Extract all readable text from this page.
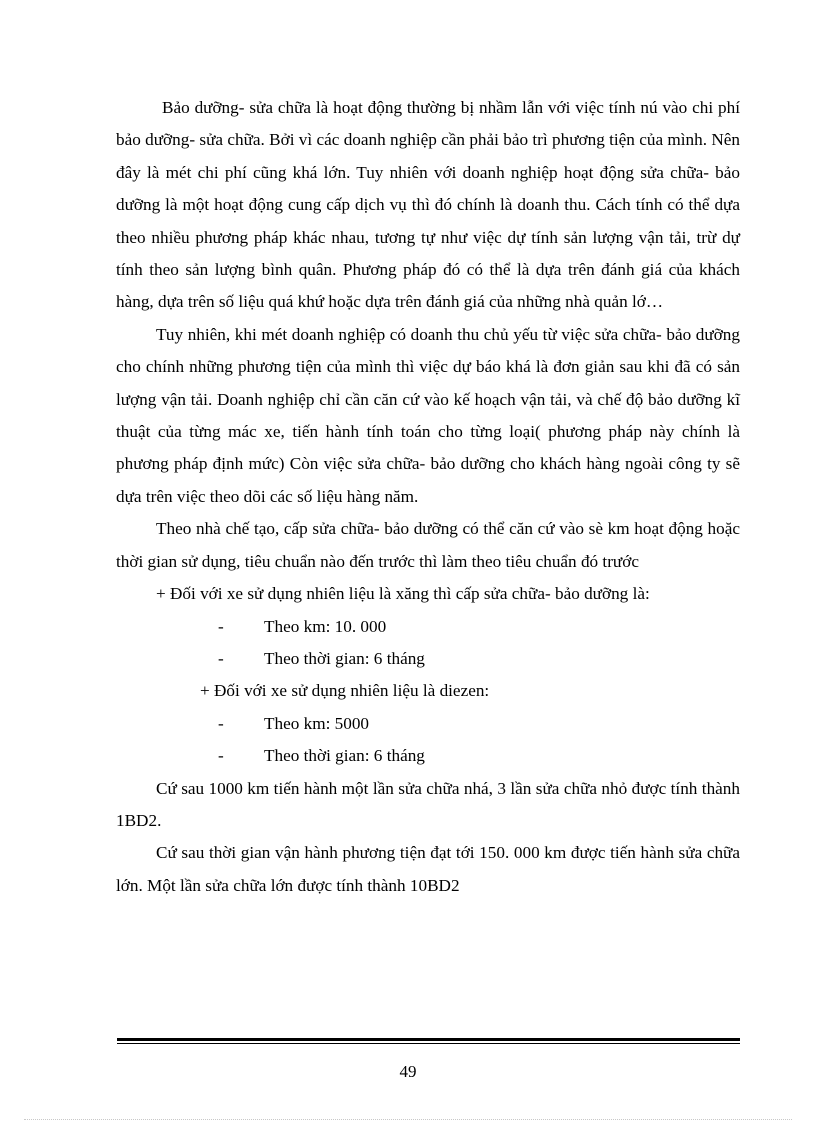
Bảo dưỡng- sửa chữa là hoạt động thường bị nhầm lẫn với việc tính nú vào chi phí bảo dưỡng- sửa chữa. Bởi vì các doanh nghiệp cần phải bảo trì phương tiện của mình. Nên đây là mét chi phí cũng khá lớn. Tuy nhiên với doanh nghiệp hoạt động sửa chữa- bảo dưỡng là một hoạt động cung cấp dịch vụ thì đó chính là doanh thu. Cách tính có thể dựa theo nhiều phương pháp khác nhau, tương tự như việc dự tính sản lượng vận tải, trừ dự tính theo sản lượng bình quân. Phương pháp đó có thể là dựa trên đánh giá của khách hàng, dựa trên số liệu quá khứ hoặc dựa trên đánh giá của những nhà quản lớ…

Tuy nhiên, khi mét doanh nghiệp có doanh thu chủ yếu từ việc sửa chữa- bảo dưỡng cho chính những phương tiện của mình thì việc dự báo khá là đơn giản sau khi đã có sản lượng vận tải. Doanh nghiệp chỉ cần căn cứ vào kế hoạch vận tải, và chế độ bảo dưỡng kĩ thuật của từng mác xe, tiến hành tính toán cho từng loại( phương pháp này chính là phương pháp định mức) Còn việc sửa chữa- bảo dưỡng cho khách hàng ngoài công ty sẽ dựa trên việc theo dõi các số liệu hàng năm.

Theo nhà chế tạo, cấp sửa chữa- bảo dưỡng có thể căn cứ vào sè km hoạt động hoặc thời gian sử dụng, tiêu chuẩn nào đến trước thì làm theo tiêu chuẩn đó trước

+ Đối với xe sử dụng nhiên liệu là xăng thì cấp sửa chữa- bảo dưỡng là:

- Theo km: 10. 000

- Theo thời gian: 6 tháng

+ Đối với xe sử dụng nhiên liệu là diezen:

- Theo km: 5000

- Theo thời gian: 6 tháng

Cứ sau 1000 km tiến hành một lần sửa chữa nhá, 3 lần sửa chữa nhỏ được tính thành 1BD2.

Cứ sau thời gian vận hành phương tiện đạt tới 150. 000 km được tiến hành sửa chữa lớn. Một lần sửa chữa lớn được tính thành 10BD2

49
